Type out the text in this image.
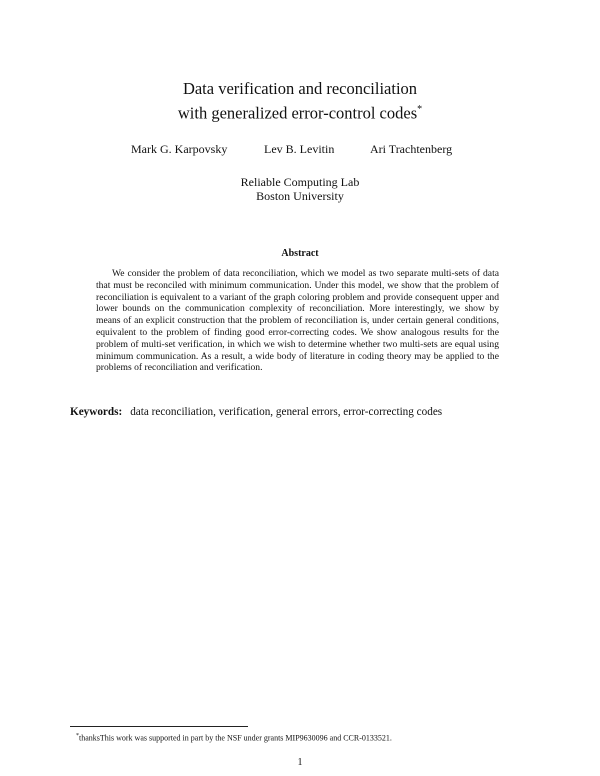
Data verification and reconciliation
with generalized error-control codes*
Mark G. Karpovsky	Lev B. Levitin	Ari Trachtenberg
Reliable Computing Lab
Boston University
Abstract
We consider the problem of data reconciliation, which we model as two separate multi-sets of data that must be reconciled with minimum communication. Under this model, we show that the problem of reconciliation is equivalent to a variant of the graph coloring problem and provide consequent upper and lower bounds on the communication complexity of reconciliation. More interestingly, we show by means of an explicit construction that the problem of reconciliation is, under certain general conditions, equivalent to the problem of finding good error-correcting codes. We show analogous results for the problem of multi-set verification, in which we wish to determine whether two multi-sets are equal using minimum communication. As a result, a wide body of literature in coding theory may be applied to the problems of reconciliation and verification.
Keywords: data reconciliation, verification, general errors, error-correcting codes
*thanksThis work was supported in part by the NSF under grants MIP9630096 and CCR-0133521.
1
